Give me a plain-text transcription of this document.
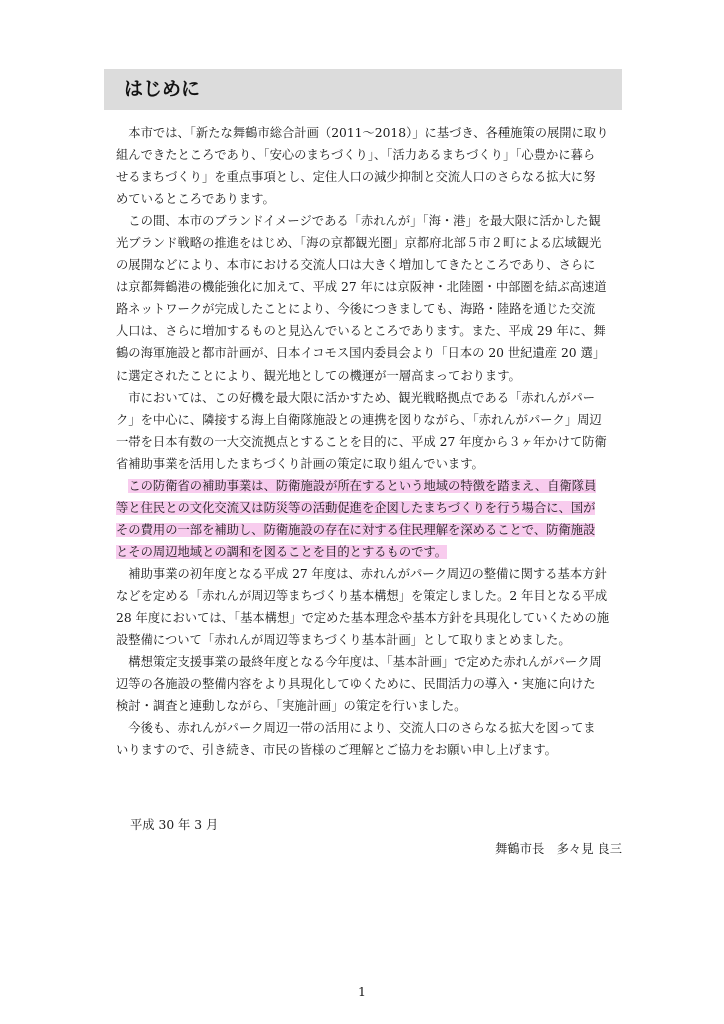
はじめに
　本市では、「新たな舞鶴市総合計画（2011～2018）」に基づき、各種施策の展開に取り
組んできたところであり、「安心のまちづくり」、「活力あるまちづくり」「心豊かに暮ら
せるまちづくり」を重点事項とし、定住人口の減少抑制と交流人口のさらなる拡大に努
めているところであります。
　この間、本市のブランドイメージである「赤れんが」「海・港」を最大限に活かした観
光ブランド戦略の推進をはじめ、「海の京都観光圏」京都府北部５市２町による広域観光
の展開などにより、本市における交流人口は大きく増加してきたところであり、さらに
は京都舞鶴港の機能強化に加えて、平成 27 年には京阪神・北陸圏・中部圏を結ぶ高速道
路ネットワークが完成したことにより、今後につきましても、海路・陸路を通じた交流
人口は、さらに増加するものと見込んでいるところであります。また、平成 29 年に、舞
鶴の海軍施設と都市計画が、日本イコモス国内委員会より「日本の 20 世紀遺産 20 選」
に選定されたことにより、観光地としての機運が一層高まっております。
　市においては、この好機を最大限に活かすため、観光戦略拠点である「赤れんがパー
ク」を中心に、隣接する海上自衛隊施設との連携を図りながら、「赤れんがパーク」周辺
一帯を日本有数の一大交流拠点とすることを目的に、平成 27 年度から３ヶ年かけて防衛
省補助事業を活用したまちづくり計画の策定に取り組んでいます。
　この防衛省の補助事業は、防衛施設が所在するという地域の特徴を踏まえ、自衛隊員
等と住民との文化交流又は防災等の活動促進を企図したまちづくりを行う場合に、国が
その費用の一部を補助し、防衛施設の存在に対する住民理解を深めることで、防衛施設
とその周辺地域との調和を図ることを目的とするものです。
　補助事業の初年度となる平成 27 年度は、赤れんがパーク周辺の整備に関する基本方針
などを定める「赤れんが周辺等まちづくり基本構想」を策定しました。2 年目となる平成
28 年度においては、「基本構想」で定めた基本理念や基本方針を具現化していくための施
設整備について「赤れんが周辺等まちづくり基本計画」として取りまとめました。
　構想策定支援事業の最終年度となる今年度は、「基本計画」で定めた赤れんがパーク周
辺等の各施設の整備内容をより具現化してゆくために、民間活力の導入・実施に向けた
検討・調査と連動しながら、「実施計画」の策定を行いました。
　今後も、赤れんがパーク周辺一帯の活用により、交流人口のさらなる拡大を図ってま
いりますので、引き続き、市民の皆様のご理解とご協力をお願い申し上げます。
平成 30 年 3 月
舞鶴市長　多々見 良三
1
